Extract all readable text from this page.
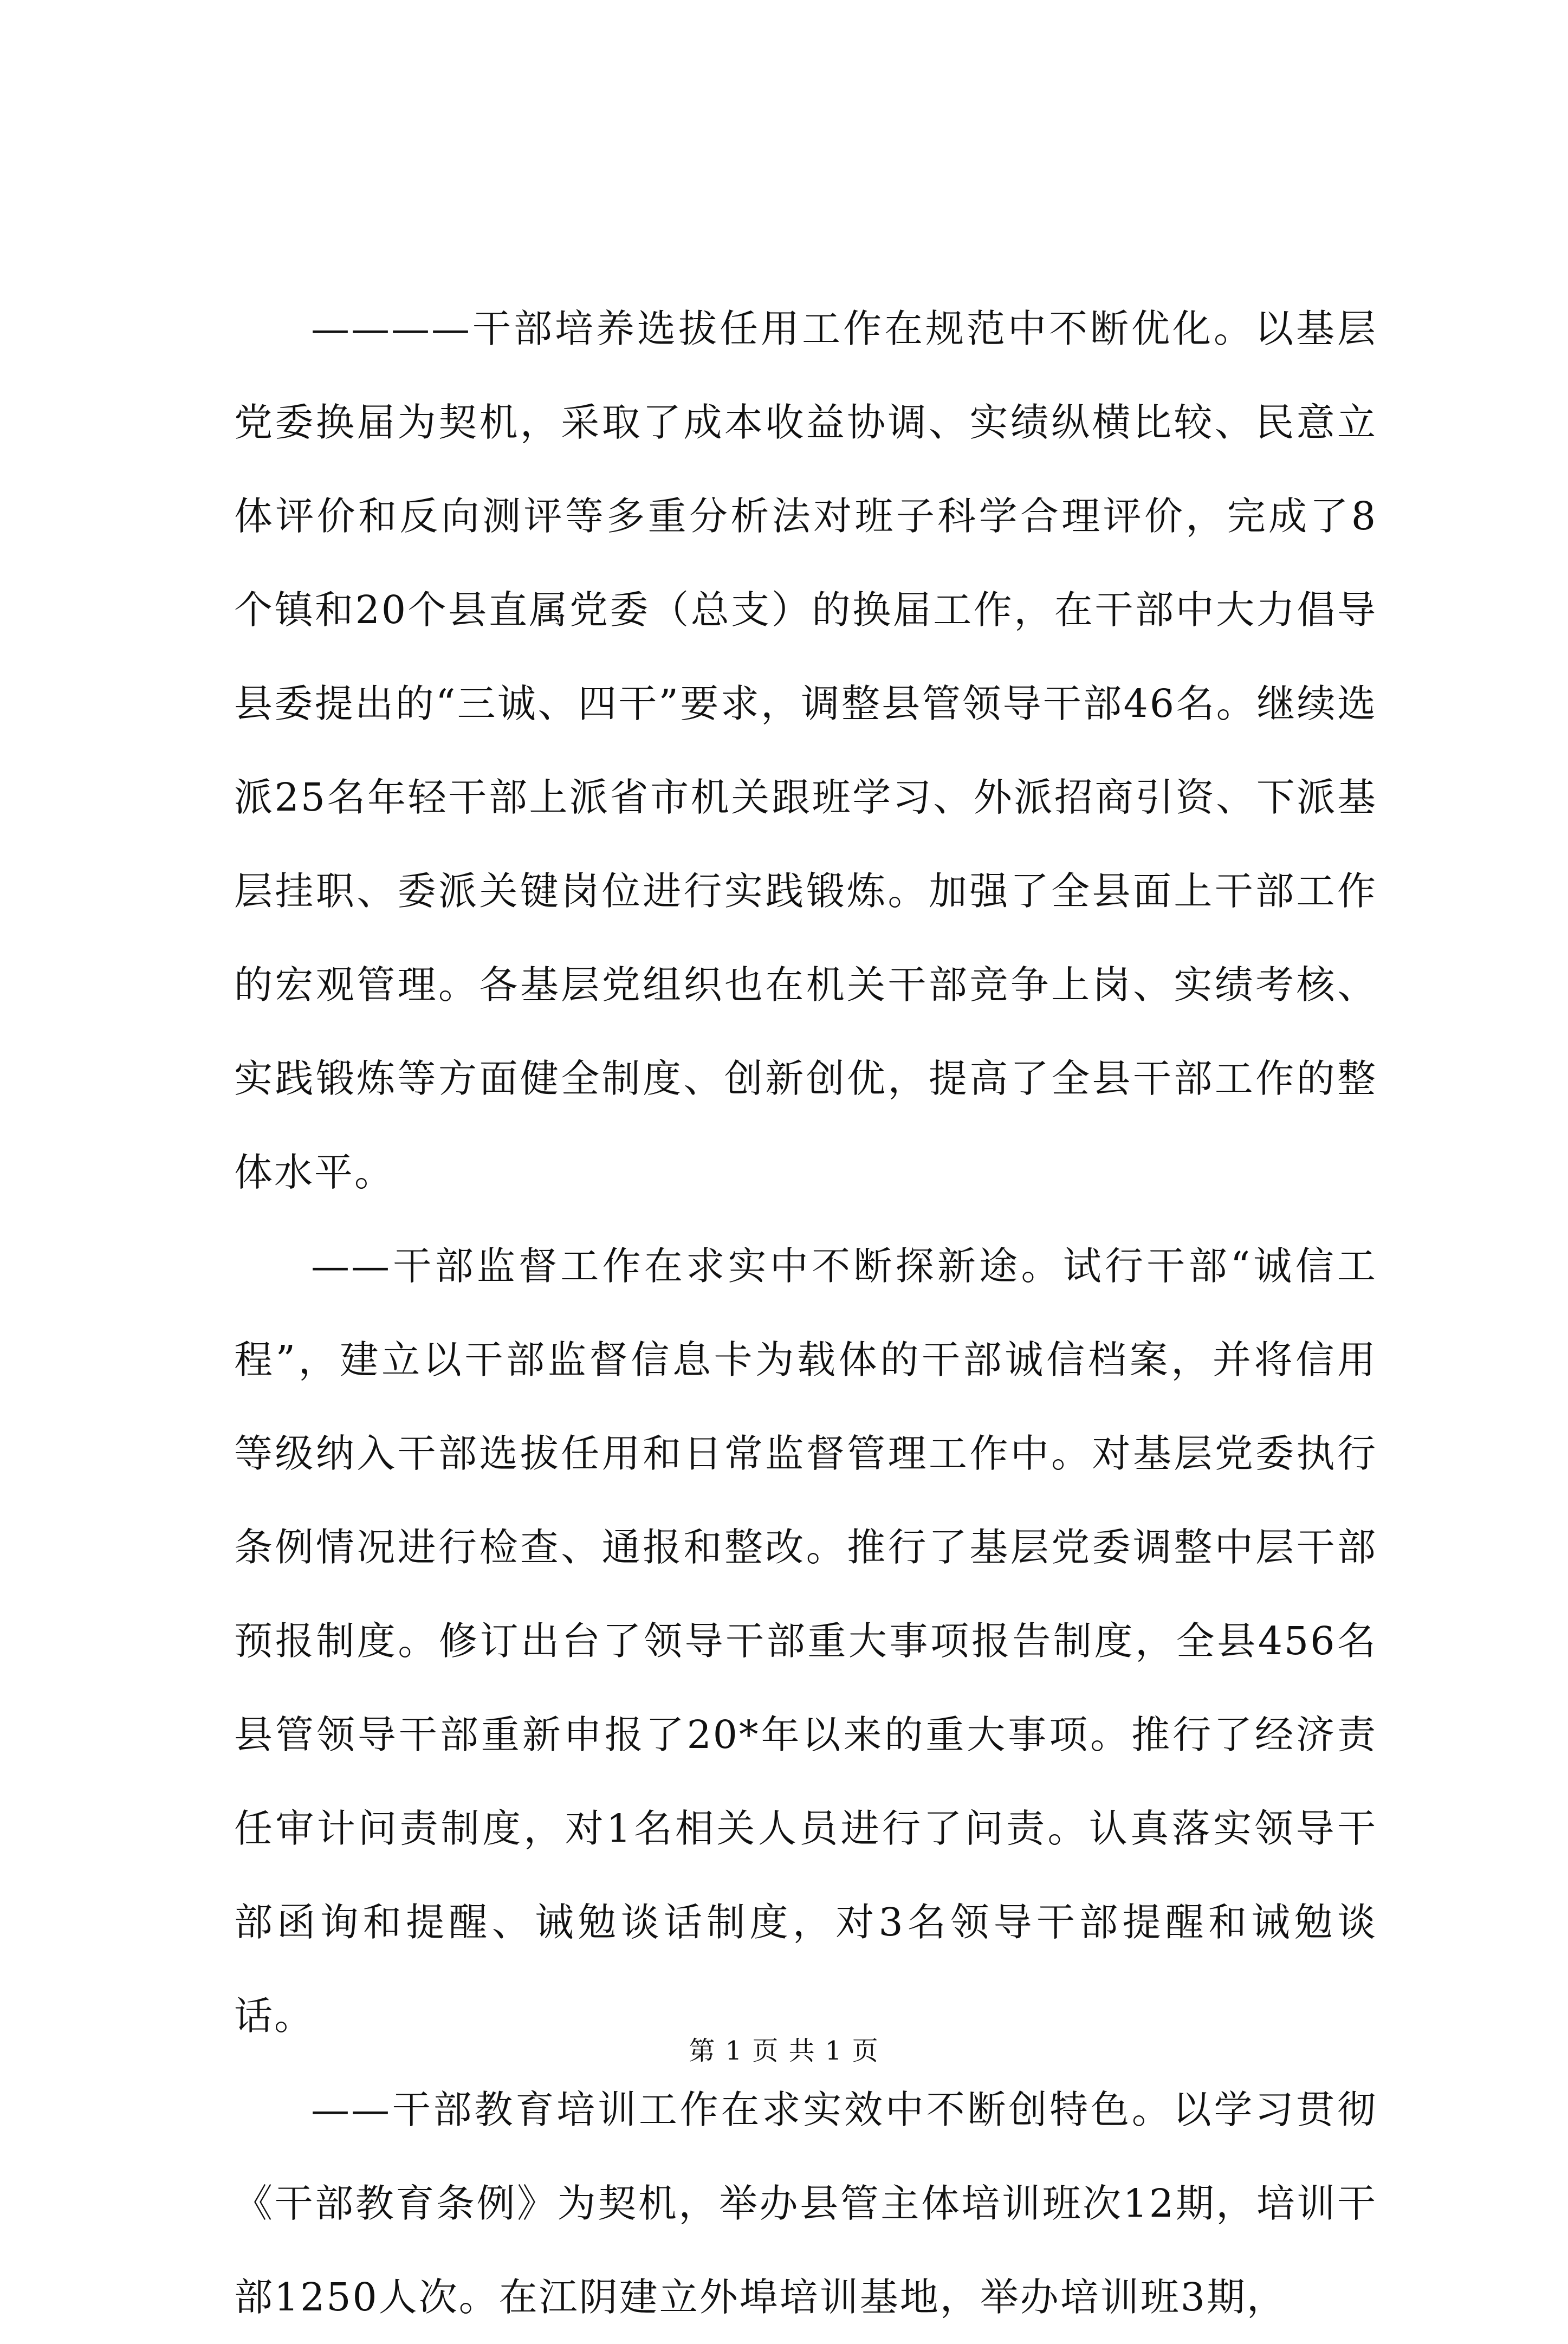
————干部培养选拔任用工作在规范中不断优化。以基层党委换届为契机，采取了成本收益协调、实绩纵横比较、民意立体评价和反向测评等多重分析法对班子科学合理评价，完成了8个镇和20个县直属党委（总支）的换届工作，在干部中大力倡导县委提出的“三诚、四干”要求，调整县管领导干部46名。继续选派25名年轻干部上派省市机关跟班学习、外派招商引资、下派基层挂职、委派关键岗位进行实践锻炼。加强了全县面上干部工作的宏观管理。各基层党组织也在机关干部竞争上岗、实绩考核、实践锻炼等方面健全制度、创新创优，提高了全县干部工作的整体水平。

——干部监督工作在求实中不断探新途。试行干部“诚信工程”，建立以干部监督信息卡为载体的干部诚信档案，并将信用等级纳入干部选拔任用和日常监督管理工作中。对基层党委执行条例情况进行检查、通报和整改。推行了基层党委调整中层干部预报制度。修订出台了领导干部重大事项报告制度，全县456名县管领导干部重新申报了20*年以来的重大事项。推行了经济责任审计问责制度，对1名相关人员进行了问责。认真落实领导干部函询和提醒、诫勉谈话制度，对3名领导干部提醒和诫勉谈话。

——干部教育培训工作在求实效中不断创特色。以学习贯彻《干部教育条例》为契机，举办县管主体培训班次12期，培训干部1250人次。在江阴建立外埠培训基地，举办培训班3期，

第 1 页 共 1 页
